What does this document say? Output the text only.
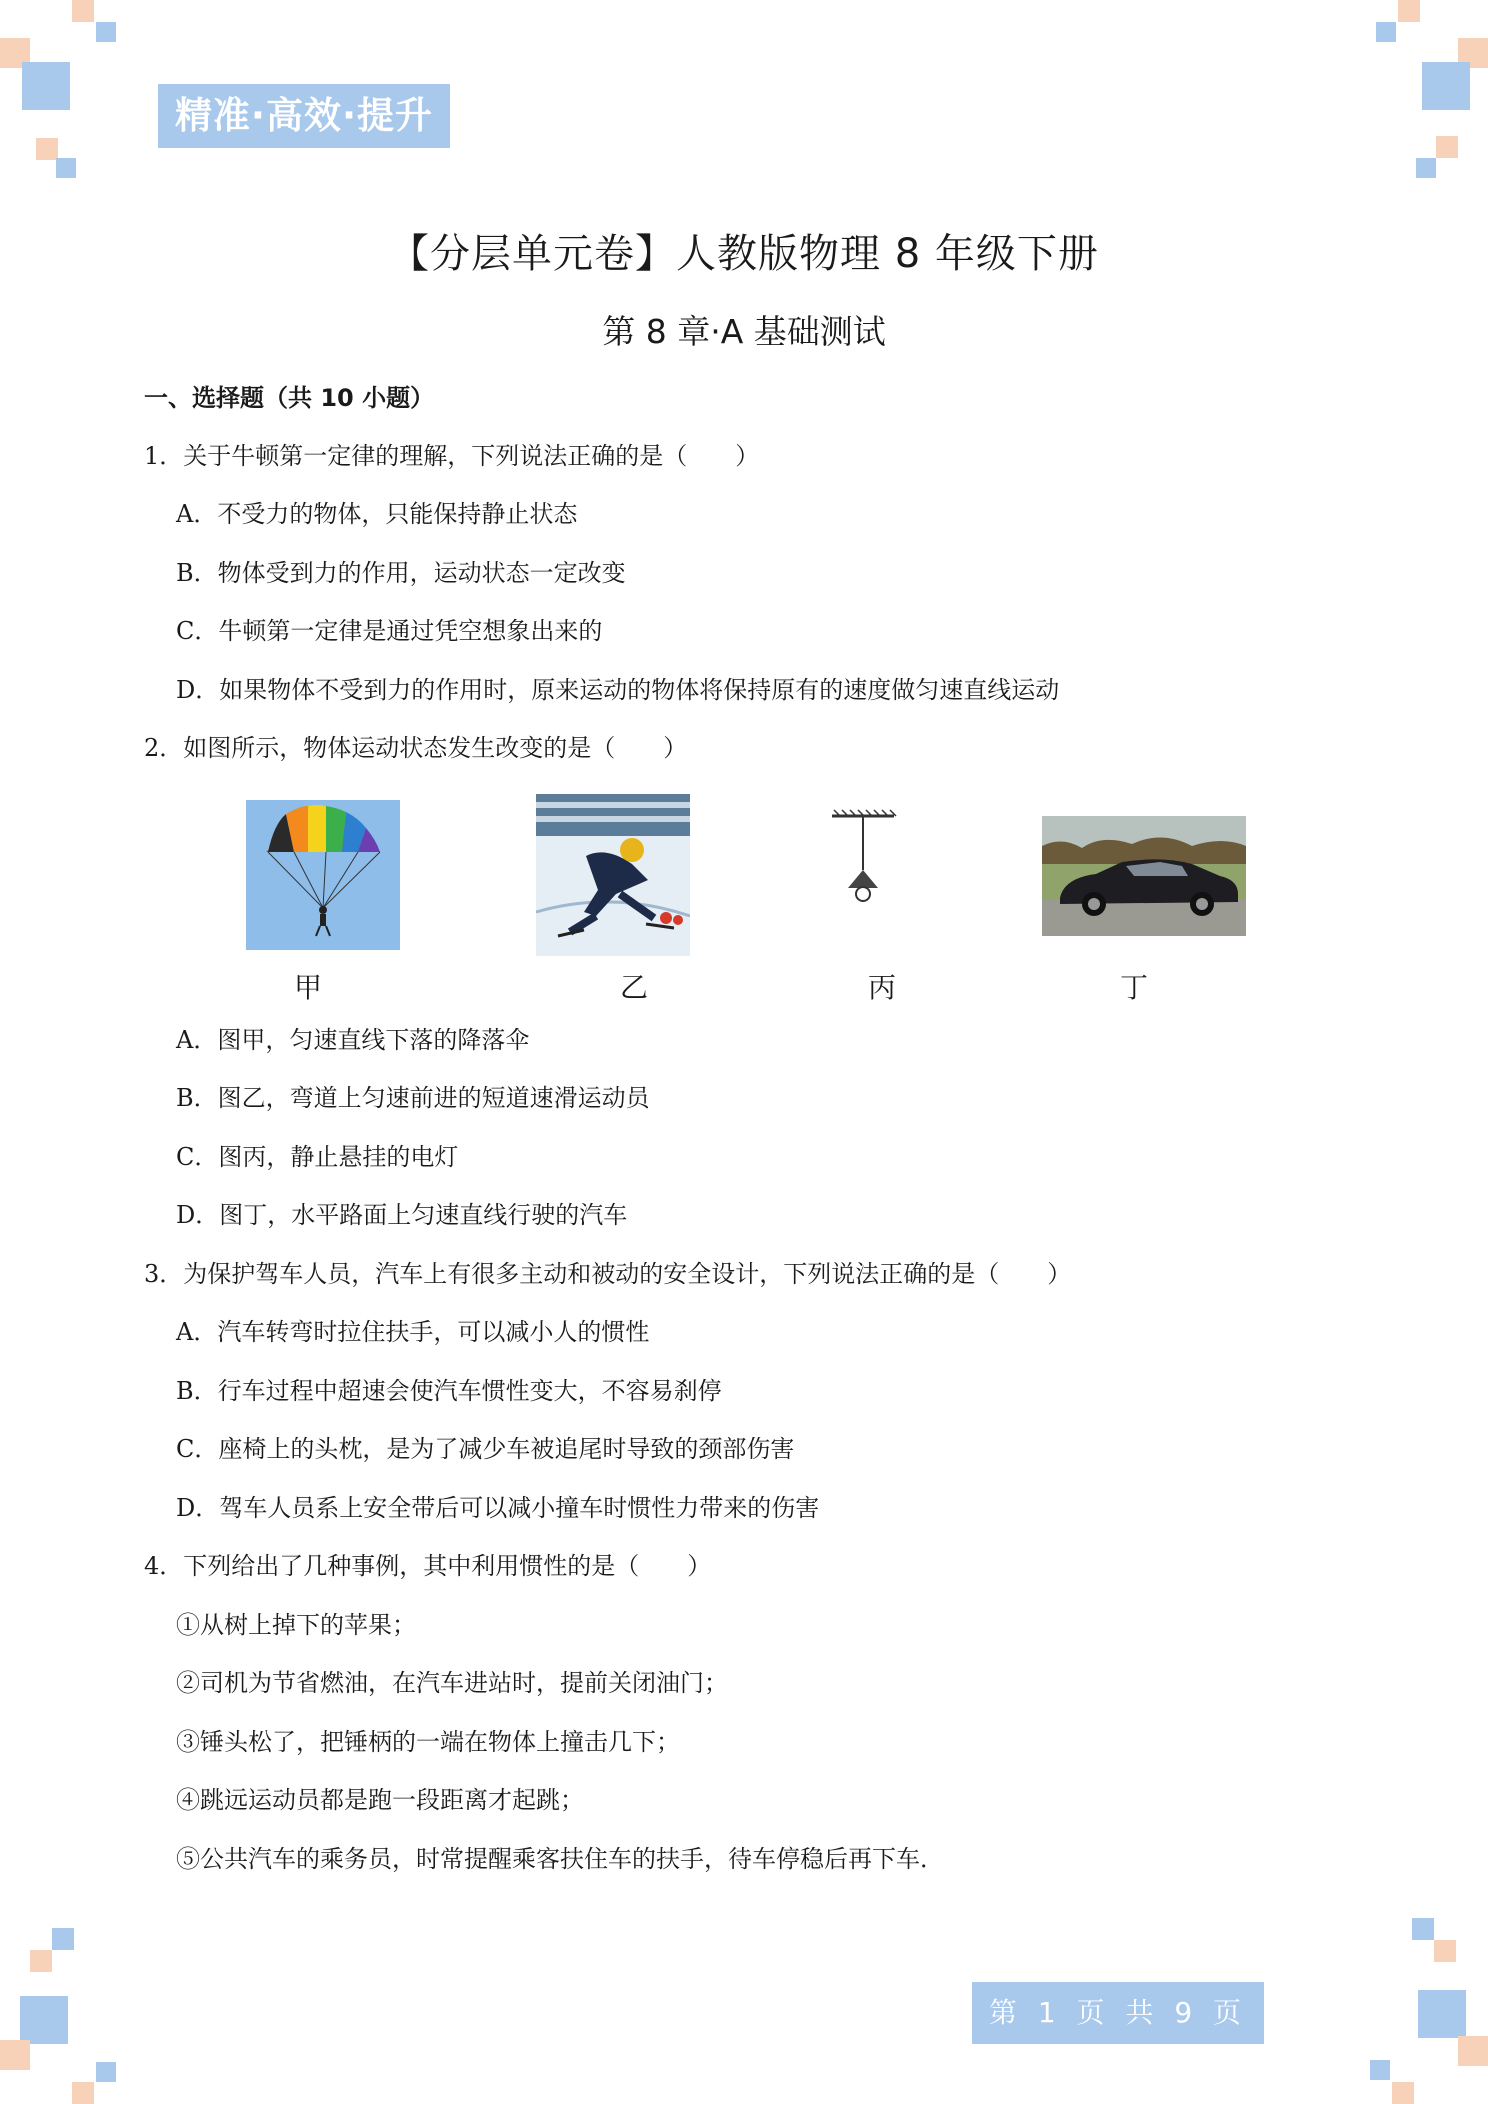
精准·高效·提升
【分层单元卷】人教版物理 8 年级下册
第 8 章·A 基础测试
一、选择题（共 10 小题）
1．关于牛顿第一定律的理解，下列说法正确的是（　　）
A．不受力的物体，只能保持静止状态
B．物体受到力的作用，运动状态一定改变
C．牛顿第一定律是通过凭空想象出来的
D．如果物体不受到力的作用时，原来运动的物体将保持原有的速度做匀速直线运动
2．如图所示，物体运动状态发生改变的是（　　）
甲	乙	丙	丁
A．图甲，匀速直线下落的降落伞
B．图乙，弯道上匀速前进的短道速滑运动员
C．图丙，静止悬挂的电灯
D．图丁，水平路面上匀速直线行驶的汽车
3．为保护驾车人员，汽车上有很多主动和被动的安全设计，下列说法正确的是（　　）
A．汽车转弯时拉住扶手，可以减小人的惯性
B．行车过程中超速会使汽车惯性变大，不容易刹停
C．座椅上的头枕，是为了减少车被追尾时导致的颈部伤害
D．驾车人员系上安全带后可以减小撞车时惯性力带来的伤害
4．下列给出了几种事例，其中利用惯性的是（　　）
①从树上掉下的苹果；
②司机为节省燃油，在汽车进站时，提前关闭油门；
③锤头松了，把锤柄的一端在物体上撞击几下；
④跳远运动员都是跑一段距离才起跳；
⑤公共汽车的乘务员，时常提醒乘客扶住车的扶手，待车停稳后再下车．
第 1 页 共 9 页
